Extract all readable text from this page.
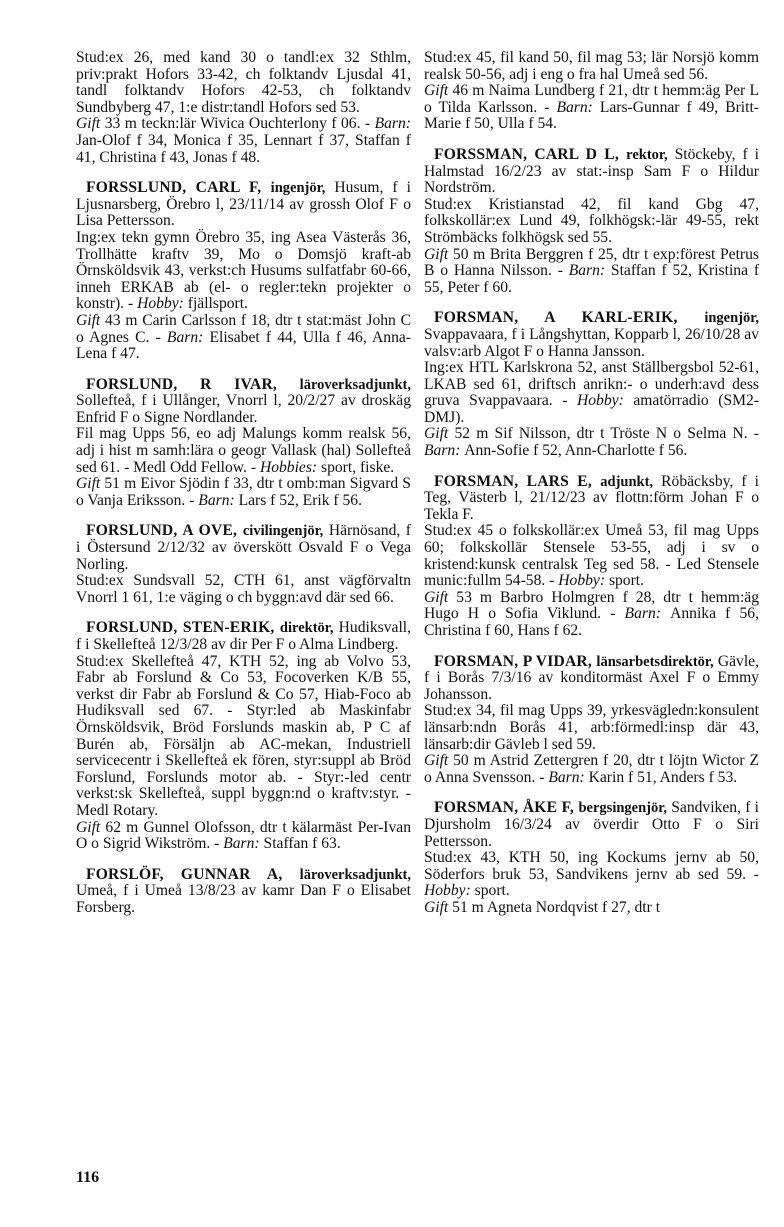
Stud:ex 26, med kand 30 o tandl:ex 32 Sthlm, priv:prakt Hofors 33-42, ch folktandv Ljusdal 41, tandl folktandv Hofors 42-53, ch folktandv Sundbyberg 47, 1:e distr:tandl Hofors sed 53.

Gift 33 m teckn:lär Wivica Ouchterlony f 06. - Barn: Jan-Olof f 34, Monica f 35, Lennart f 37, Staffan f 41, Christina f 43, Jonas f 48.

FORSSLUND, CARL F, ingenjör, Husum, f i Ljusnarsberg, Örebro l, 23/11/14 av grossh Olof F o Lisa Pettersson.

Ing:ex tekn gymn Örebro 35, ing Asea Västerås 36, Trollhätte kraftv 39, Mo o Domsjö kraft-ab Örnsköldsvik 43, verkst:ch Husums sulfatfabr 60-66, inneh ERKAB ab (el- o regler:tekn projekter o konstr). - Hobby: fjällsport.

Gift 43 m Carin Carlsson f 18, dtr t stat:mäst John C o Agnes C. - Barn: Elisabet f 44, Ulla f 46, Anna-Lena f 47.

FORSLUND, R IVAR, läroverksadjunkt, Sollefteå, f i Ullånger, Vnorrl l, 20/2/27 av droskäg Enfrid F o Signe Nordlander.

Fil mag Upps 56, eo adj Malungs komm realsk 56, adj i hist m samh:lära o geogr Vallask (hal) Sollefteå sed 61. - Medl Odd Fellow. - Hobbies: sport, fiske.

Gift 51 m Eivor Sjödin f 33, dtr t omb:man Sigvard S o Vanja Eriksson. - Barn: Lars f 52, Erik f 56.

FORSLUND, A OVE, civilingenjör, Härnösand, f i Östersund 2/12/32 av överskött Osvald F o Vega Norling.

Stud:ex Sundsvall 52, CTH 61, anst vägförvaltn Vnorrl 1 61, 1:e väging o ch byggn:avd där sed 66.

FORSLUND, STEN-ERIK, direktör, Hudiksvall, f i Skellefteå 12/3/28 av dir Per F o Alma Lindberg.

Stud:ex Skellefteå 47, KTH 52, ing ab Volvo 53, Fabr ab Forslund & Co 53, Focoverken K/B 55, verkst dir Fabr ab Forslund & Co 57, Hiab-Foco ab Hudiksvall sed 67. - Styr:led ab Maskinfabr Örnsköldsvik, Bröd Forslunds maskin ab, P C af Burén ab, Försäljn ab AC-mekan, Industriell servicecentr i Skellefteå ek fören, styr:suppl ab Bröd Forslund, Forslunds motor ab. - Styr:-led centr verkst:sk Skellefteå, suppl byggn:nd o kraftv:styr. - Medl Rotary.

Gift 62 m Gunnel Olofsson, dtr t kälarmäst Per-Ivan O o Sigrid Wikström. - Barn: Staffan f 63.

FORSLÖF, GUNNAR A, läroverksadjunkt, Umeå, f i Umeå 13/8/23 av kamr Dan F o Elisabet Forsberg.

Stud:ex 45, fil kand 50, fil mag 53; lär Norsjö komm realsk 50-56, adj i eng o fra hal Umeå sed 56.

Gift 46 m Naima Lundberg f 21, dtr t hemm:äg Per L o Tilda Karlsson. - Barn: Lars-Gunnar f 49, Britt-Marie f 50, Ulla f 54.

FORSSMAN, CARL D L, rektor, Stöckeby, f i Halmstad 16/2/23 av stat:-insp Sam F o Hildur Nordström.

Stud:ex Kristianstad 42, fil kand Gbg 47, folkskollär:ex Lund 49, folkhögsk:-lär 49-55, rekt Strömbäcks folkhögsk sed 55.

Gift 50 m Brita Berggren f 25, dtr t exp:förest Petrus B o Hanna Nilsson. - Barn: Staffan f 52, Kristina f 55, Peter f 60.

FORSMAN, A KARL-ERIK, ingenjör, Svappavaara, f i Långshyttan, Kopparb l, 26/10/28 av valsv:arb Algot F o Hanna Jansson.

Ing:ex HTL Karlskrona 52, anst Ställbergsbol 52-61, LKAB sed 61, driftsch anrikn:- o underh:avd dess gruva Svappavaara. - Hobby: amatörradio (SM2-DMJ).

Gift 52 m Sif Nilsson, dtr t Tröste N o Selma N. - Barn: Ann-Sofie f 52, Ann-Charlotte f 56.

FORSMAN, LARS E, adjunkt, Röbäcksby, f i Teg, Västerb l, 21/12/23 av flottn:förm Johan F o Tekla F.

Stud:ex 45 o folkskollär:ex Umeå 53, fil mag Upps 60; folkskollär Stensele 53-55, adj i sv o kristend:kunsk centralsk Teg sed 58. - Led Stensele munic:fullm 54-58. - Hobby: sport.

Gift 53 m Barbro Holmgren f 28, dtr t hemm:äg Hugo H o Sofia Viklund. - Barn: Annika f 56, Christina f 60, Hans f 62.

FORSMAN, P VIDAR, länsarbetsdirektör, Gävle, f i Borås 7/3/16 av konditormäst Axel F o Emmy Johansson.

Stud:ex 34, fil mag Upps 39, yrkesvägledn:konsulent länsarb:ndn Borås 41, arb:förmedl:insp där 43, länsarb:dir Gävleb l sed 59.

Gift 50 m Astrid Zettergren f 20, dtr t löjtn Wictor Z o Anna Svensson. - Barn: Karin f 51, Anders f 53.

FORSMAN, ÅKE F, bergsingenjör, Sandviken, f i Djursholm 16/3/24 av överdir Otto F o Siri Pettersson.

Stud:ex 43, KTH 50, ing Kockums jernv ab 50, Söderfors bruk 53, Sandvikens jernv ab sed 59. - Hobby: sport.

Gift 51 m Agneta Nordqvist f 27, dtr t

116
